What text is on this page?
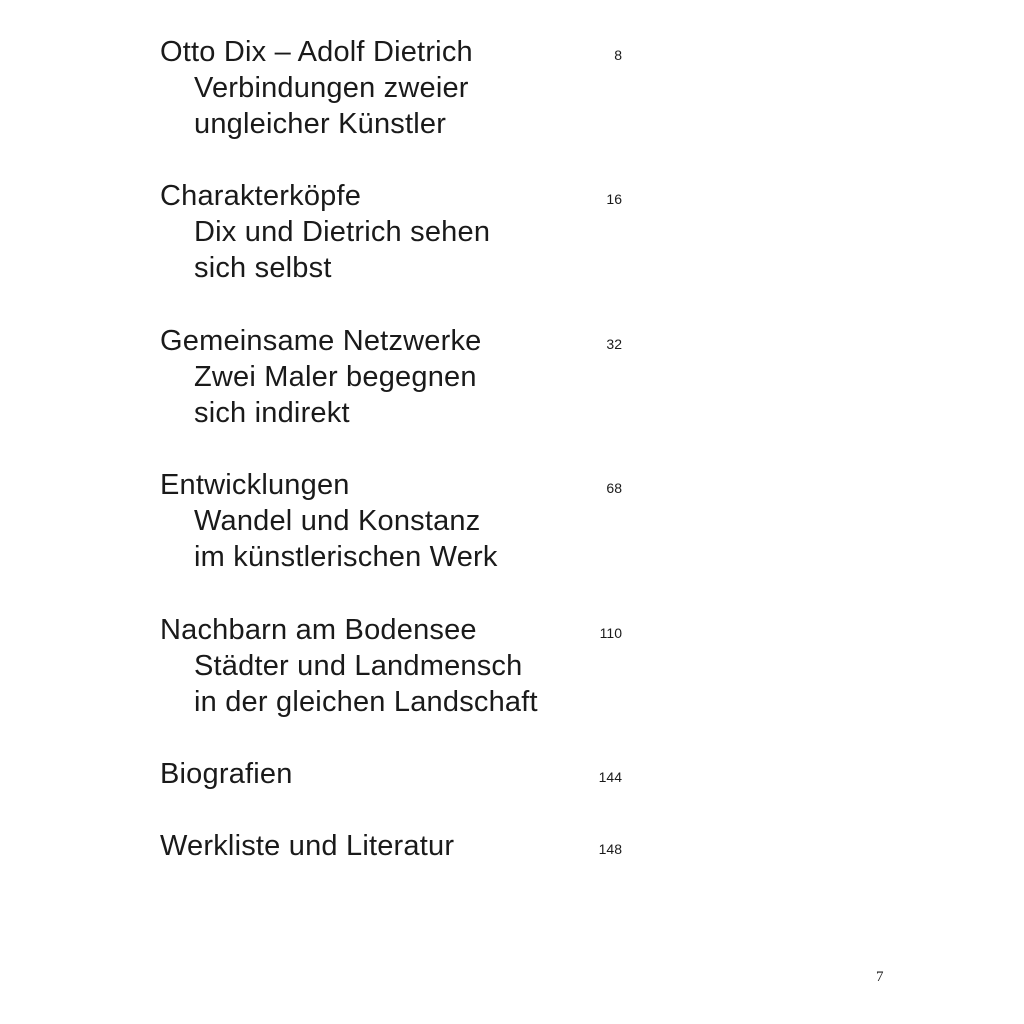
Otto Dix – Adolf Dietrich
Verbindungen zweier
ungleicher Künstler
8
Charakterköpfe
Dix und Dietrich sehen
sich selbst
16
Gemeinsame Netzwerke
Zwei Maler begegnen
sich indirekt
32
Entwicklungen
Wandel und Konstanz
im künstlerischen Werk
68
Nachbarn am Bodensee
Städter und Landmensch
in der gleichen Landschaft
110
Biografien	144
Werkliste und Literatur	148
7
